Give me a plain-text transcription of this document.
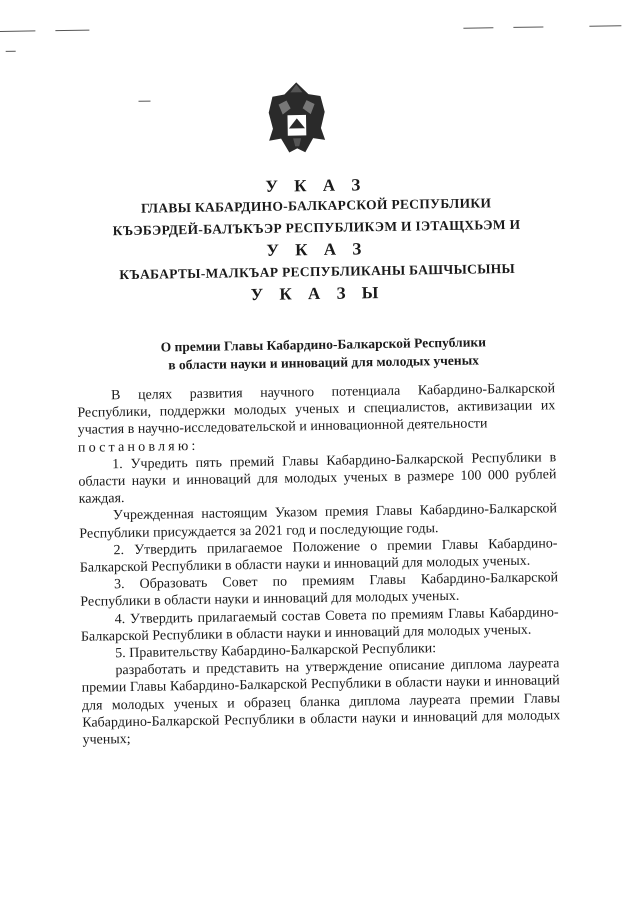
У К А З
ГЛАВЫ КАБАРДИНО-БАЛКАРСКОЙ РЕСПУБЛИКИ
КЪЭБЭРДЕЙ-БАЛЪКЪЭР РЕСПУБЛИКЭМ И IЭТАЩХЬЭМ И
У К А З
КЪАБАРТЫ-МАЛКЪАР РЕСПУБЛИКАНЫ БАШЧЫСЫНЫ
У К А З Ы
О премии Главы Кабардино-Балкарской Республики
в области науки и инноваций для молодых ученых

В целях развития научного потенциала Кабардино-Балкарской Республики, поддержки молодых ученых и специалистов, активизации их участия в научно-исследовательской и инновационной деятельности

постановляю:

1. Учредить пять премий Главы Кабардино-Балкарской Республики в области науки и инноваций для молодых ученых в размере 100 000 рублей каждая.

Учрежденная настоящим Указом премия Главы Кабардино-Балкарской Республики присуждается за 2021 год и последующие годы.

2. Утвердить прилагаемое Положение о премии Главы Кабардино-Балкарской Республики в области науки и инноваций для молодых ученых.

3. Образовать Совет по премиям Главы Кабардино-Балкарской Республики в области науки и инноваций для молодых ученых.

4. Утвердить прилагаемый состав Совета по премиям Главы Кабардино-Балкарской Республики в области науки и инноваций для молодых ученых.

5. Правительству Кабардино-Балкарской Республики:

разработать и представить на утверждение описание диплома лауреата премии Главы Кабардино-Балкарской Республики в области науки и инноваций для молодых ученых и образец бланка диплома лауреата премии Главы Кабардино-Балкарской Республики в области науки и инноваций для молодых ученых;
